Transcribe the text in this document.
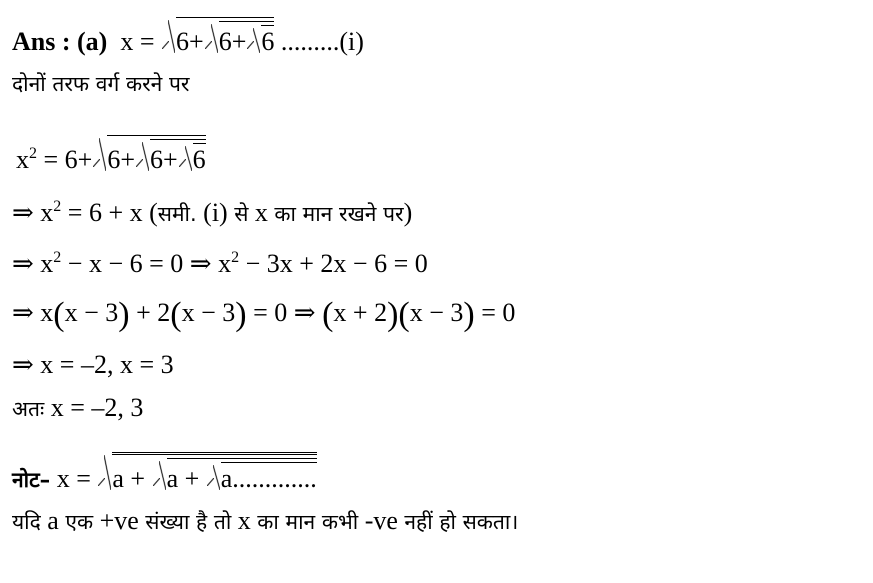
Ans : (a) x = 6+ 6+ 6 .........(i)
दोनों तरफ वर्ग करने पर
$x^2 = 6+ 6+ 6+ 6$
⇒ $x^2 = 6 + x$ (समी. (i) से x का मान रखने पर)
⇒ $x^2 - x - 6 = 0$ ⇒ $x^2 - 3x + 2x - 6 = 0$
⇒ x(x − 3) + 2(x − 3) = 0 ⇒ (x + 2)(x − 3) = 0
⇒ x = –2, x = 3
अतः x = –2, 3
नोट– x = a + a + a.............
यदि a एक +ve संख्या है तो x का मान कभी -ve नहीं हो सकता।
